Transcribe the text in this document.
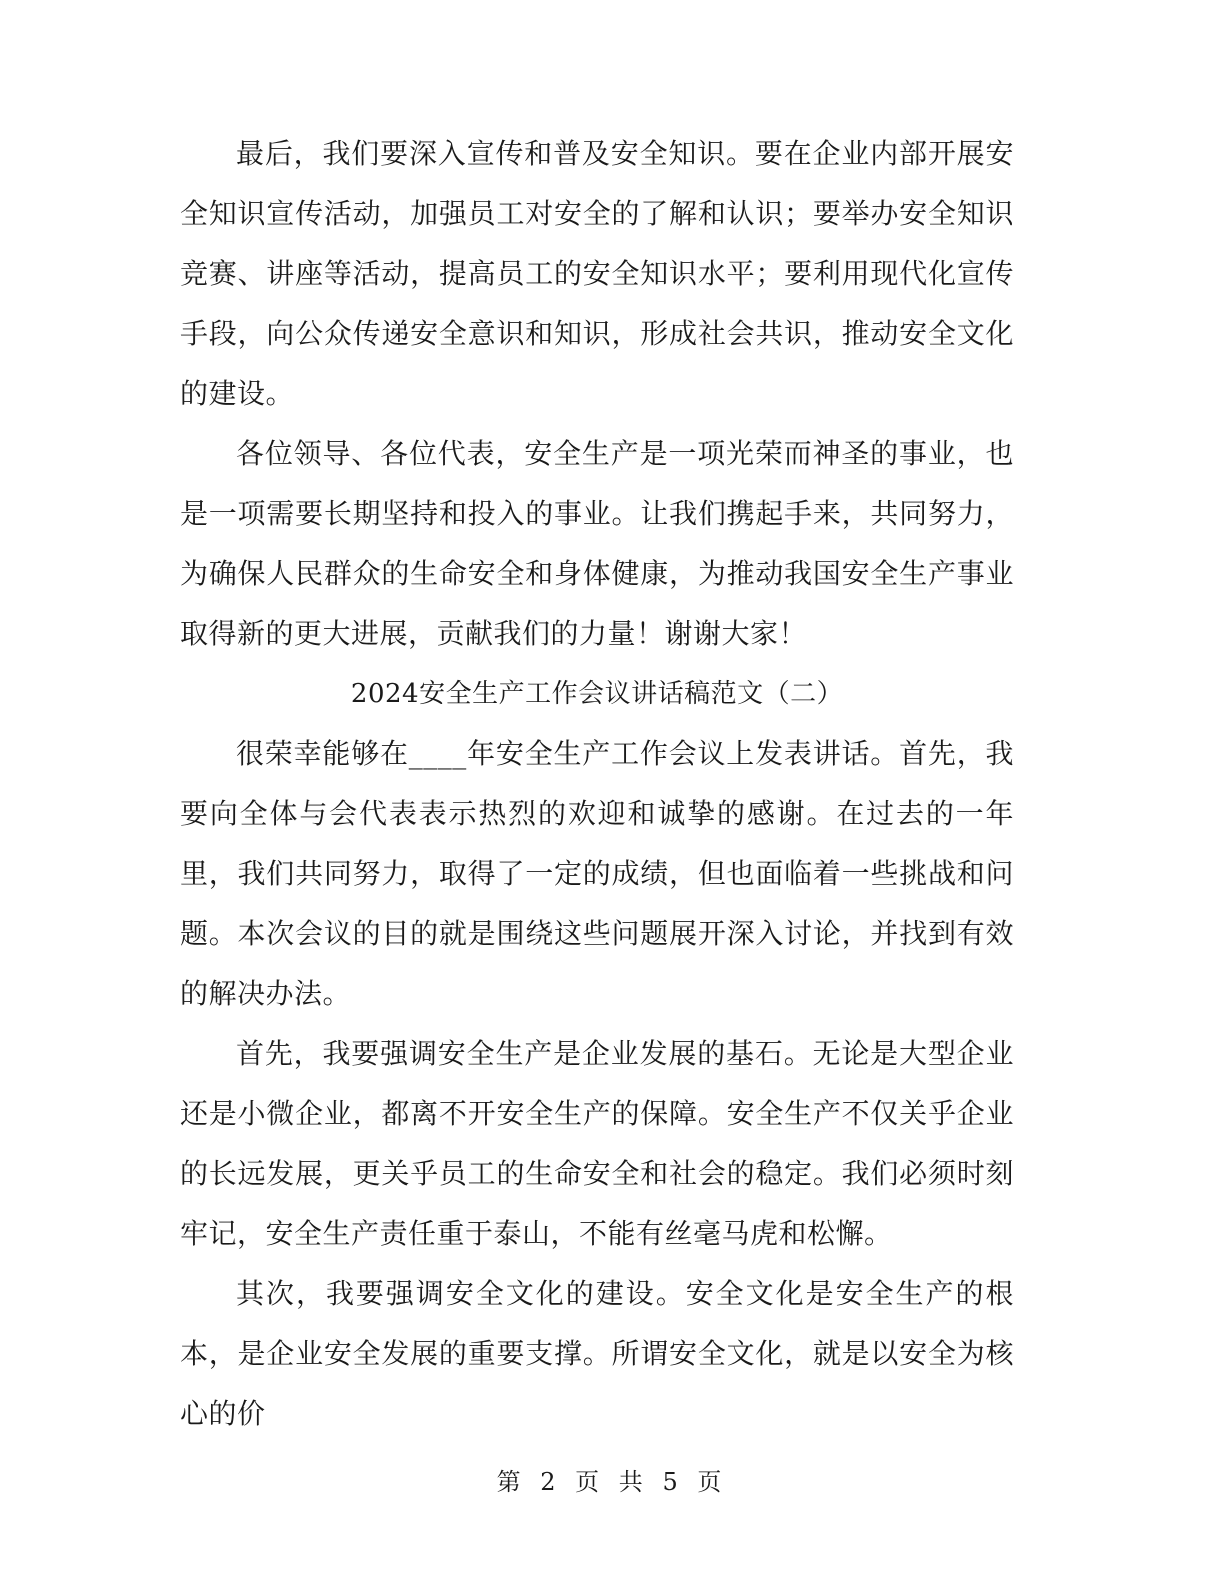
最后，我们要深入宣传和普及安全知识。要在企业内部开展安全知识宣传活动，加强员工对安全的了解和认识；要举办安全知识竞赛、讲座等活动，提高员工的安全知识水平；要利用现代化宣传手段，向公众传递安全意识和知识，形成社会共识，推动安全文化的建设。

各位领导、各位代表，安全生产是一项光荣而神圣的事业，也是一项需要长期坚持和投入的事业。让我们携起手来，共同努力，为确保人民群众的生命安全和身体健康，为推动我国安全生产事业取得新的更大进展，贡献我们的力量！谢谢大家！

2024安全生产工作会议讲话稿范文（二）

很荣幸能够在____年安全生产工作会议上发表讲话。首先，我要向全体与会代表表示热烈的欢迎和诚挚的感谢。在过去的一年里，我们共同努力，取得了一定的成绩，但也面临着一些挑战和问题。本次会议的目的就是围绕这些问题展开深入讨论，并找到有效的解决办法。

首先，我要强调安全生产是企业发展的基石。无论是大型企业还是小微企业，都离不开安全生产的保障。安全生产不仅关乎企业的长远发展，更关乎员工的生命安全和社会的稳定。我们必须时刻牢记，安全生产责任重于泰山，不能有丝毫马虎和松懈。

其次，我要强调安全文化的建设。安全文化是安全生产的根本，是企业安全发展的重要支撑。所谓安全文化，就是以安全为核心的价

第 2 页 共 5 页
